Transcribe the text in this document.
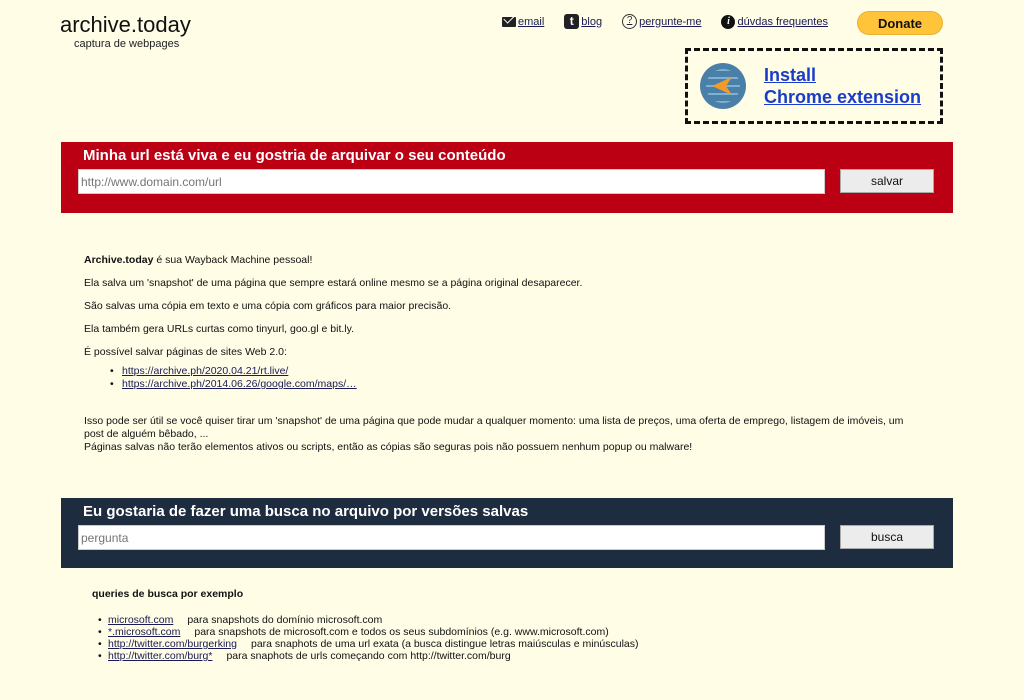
archive.today
captura de webpages
email	t blog	? pergunte-me	i dúvdas frequentes	Donate
Install
Chrome extension
Minha url está viva e eu gostria de arquivar o seu conteúdo
http://www.domain.com/url
salvar

Archive.today é sua Wayback Machine pessoal!

Ela salva um 'snapshot' de uma página que sempre estará online mesmo se a página original desaparecer.

São salvas uma cópia em texto e uma cópia com gráficos para maior precisão.

Ela também gera URLs curtas como tinyurl, goo.gl e bit.ly.

É possível salvar páginas de sites Web 2.0:

• https://archive.ph/2020.04.21/rt.live/
• https://archive.ph/2014.06.26/google.com/maps/…
Isso pode ser útil se você quiser tirar um 'snapshot' de uma página que pode mudar a qualquer momento: uma lista de preços, uma oferta de emprego, listagem de imóveis, um post de alguém bêbado, ...
Páginas salvas não terão elementos ativos ou scripts, então as cópias são seguras pois não possuem nenhum popup ou malware!
Eu gostaria de fazer uma busca no arquivo por versões salvas
pergunta
busca
queries de busca por exemplo
• microsoft.com para snapshots do domínio microsoft.com
• *.microsoft.com para snapshots de microsoft.com e todos os seus subdomínios (e.g. www.microsoft.com)
• http://twitter.com/burgerking para snaphots de uma url exata (a busca distingue letras maiúsculas e minúsculas)
• http://twitter.com/burg* para snaphots de urls começando com http://twitter.com/burg
